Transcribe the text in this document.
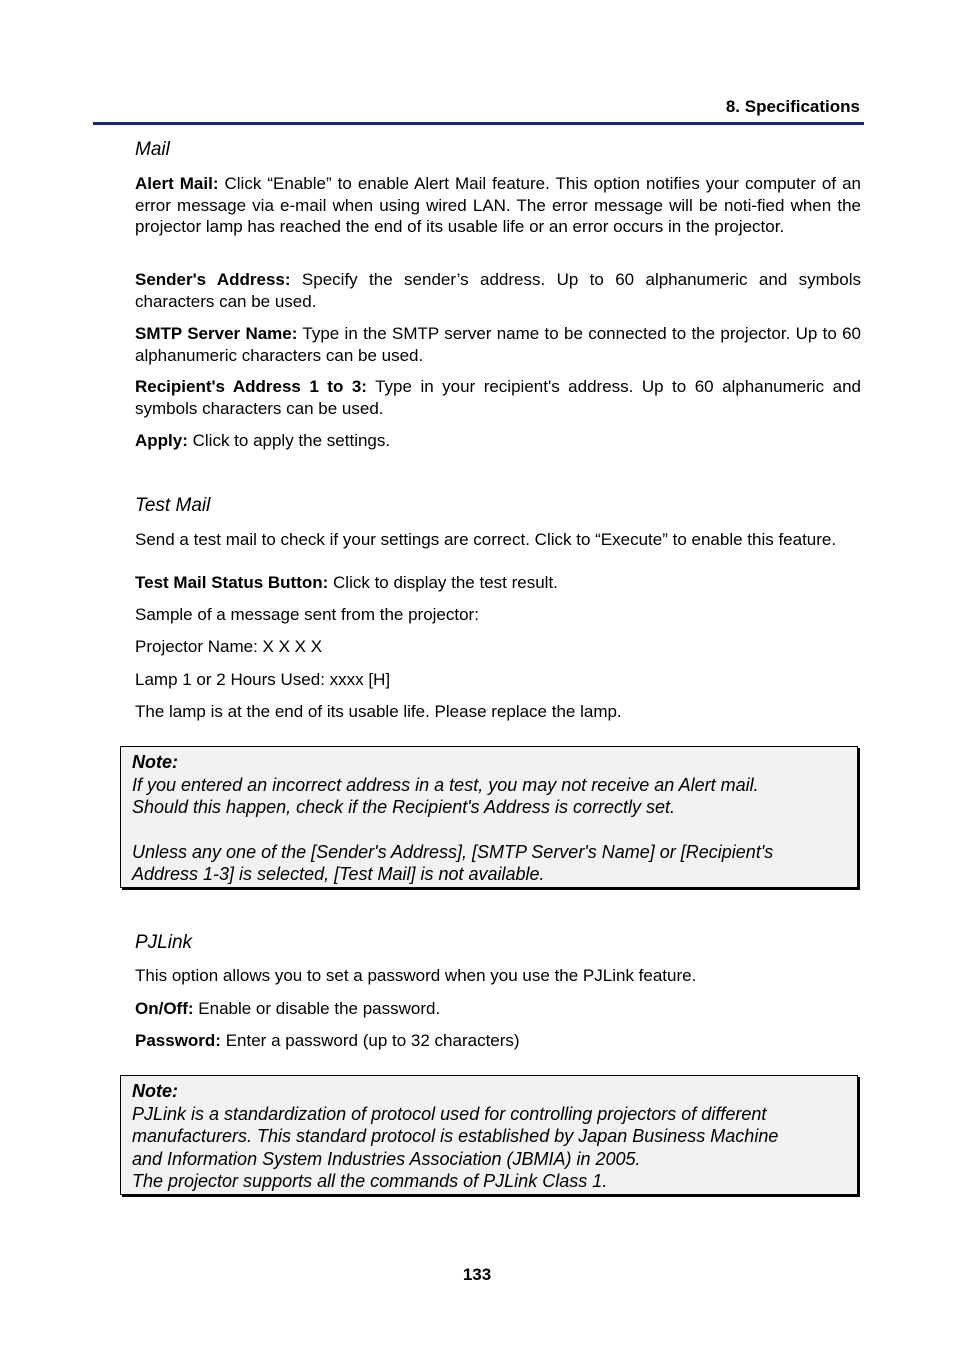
8. Specifications
Mail
Alert Mail: Click “Enable” to enable Alert Mail feature. This option notifies your computer of an error message via e-mail when using wired LAN. The error message will be noti-fied when the projector lamp has reached the end of its usable life or an error occurs in the projector.
Sender's Address: Specify the sender’s address. Up to 60 alphanumeric and symbols characters can be used.
SMTP Server Name: Type in the SMTP server name to be connected to the projector. Up to 60 alphanumeric characters can be used.
Recipient's Address 1 to 3: Type in your recipient's address. Up to 60 alphanumeric and symbols characters can be used.
Apply: Click to apply the settings.
Test Mail
Send a test mail to check if your settings are correct. Click to “Execute” to enable this feature.
Test Mail Status Button: Click to display the test result.
Sample of a message sent from the projector:
Projector Name: X X X X
Lamp 1 or 2 Hours Used: xxxx [H]
The lamp is at the end of its usable life. Please replace the lamp.
Note:
If you entered an incorrect address in a test, you may not receive an Alert mail.
Should this happen, check if the Recipient's Address is correctly set.
Unless any one of the [Sender's Address], [SMTP Server's Name] or [Recipient's
Address 1-3] is selected, [Test Mail] is not available.
PJLink
This option allows you to set a password when you use the PJLink feature.
On/Off: Enable or disable the password.
Password: Enter a password (up to 32 characters)
Note:
PJLink is a standardization of protocol used for controlling projectors of different
manufacturers. This standard protocol is established by Japan Business Machine
and Information System Industries Association (JBMIA) in 2005.
The projector supports all the commands of PJLink Class 1.
133
